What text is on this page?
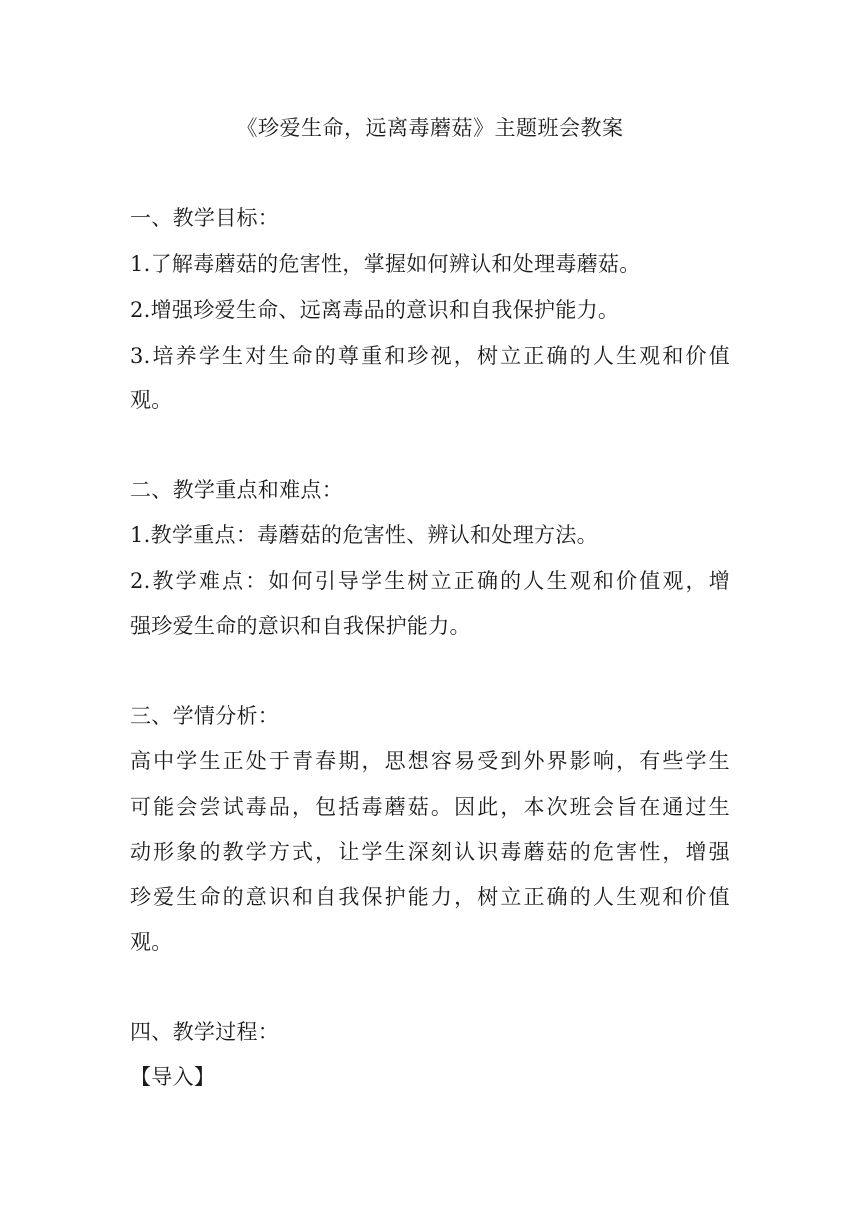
《珍爱生命，远离毒蘑菇》主题班会教案
一、教学目标：
1.了解毒蘑菇的危害性，掌握如何辨认和处理毒蘑菇。
2.增强珍爱生命、远离毒品的意识和自我保护能力。
3.培养学生对生命的尊重和珍视，树立正确的人生观和价值
观。
二、教学重点和难点：
1.教学重点：毒蘑菇的危害性、辨认和处理方法。
2.教学难点：如何引导学生树立正确的人生观和价值观，增
强珍爱生命的意识和自我保护能力。
三、学情分析：
高中学生正处于青春期，思想容易受到外界影响，有些学生
可能会尝试毒品，包括毒蘑菇。因此，本次班会旨在通过生
动形象的教学方式，让学生深刻认识毒蘑菇的危害性，增强
珍爱生命的意识和自我保护能力，树立正确的人生观和价值
观。
四、教学过程：
【导入】
